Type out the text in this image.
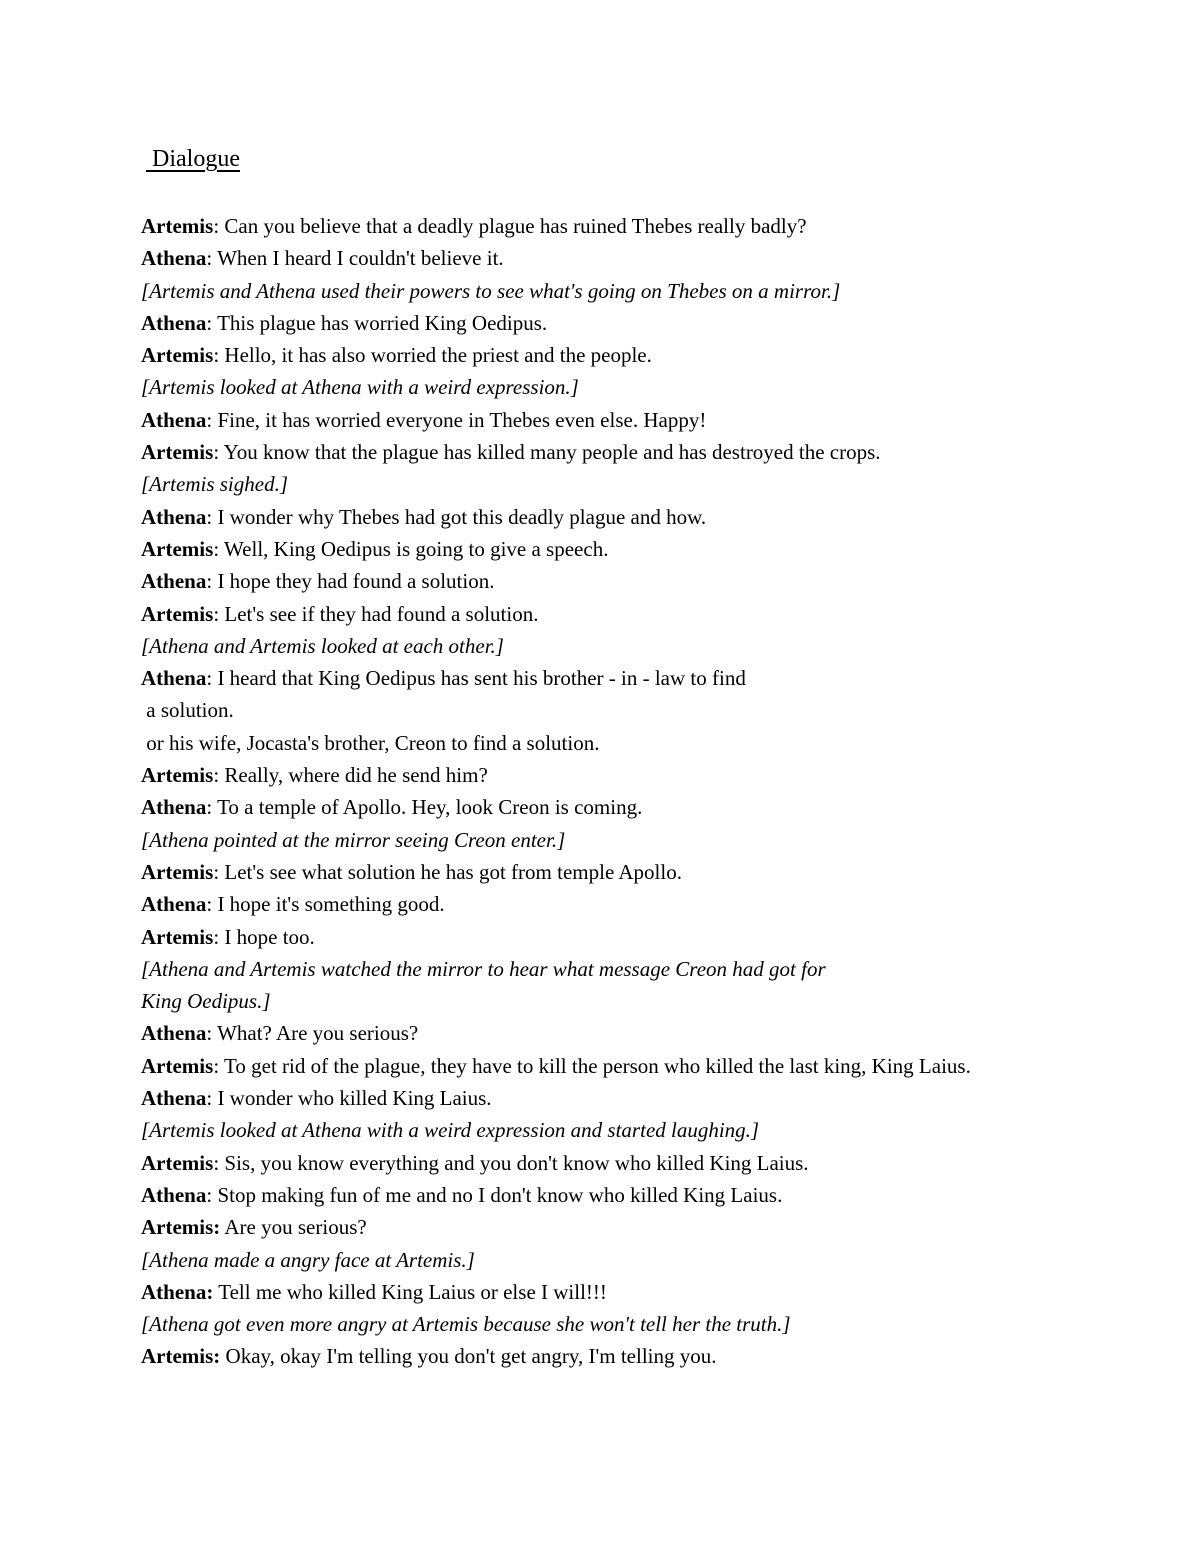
Dialogue
Artemis: Can you believe that a deadly plague has ruined Thebes really badly?
Athena: When I heard I couldn't believe it.
[Artemis and Athena used their powers to see what's going on Thebes on a mirror.]
Athena: This plague has worried King Oedipus.
Artemis: Hello, it has also worried the priest and the people.
[Artemis looked at Athena with a weird expression.]
Athena: Fine, it has worried everyone in Thebes even else. Happy!
Artemis: You know that the plague has killed many people and has destroyed the crops.
[Artemis sighed.]
Athena: I wonder why Thebes had got this deadly plague and how.
Artemis: Well, King Oedipus is going to give a speech.
Athena: I hope they had found a solution.
Artemis: Let's see if they had found a solution.
[Athena and Artemis looked at each other.]
Athena: I heard that King Oedipus has sent his brother - in - law to find
a solution.
or his wife, Jocasta's brother, Creon to find a solution.
Artemis: Really, where did he send him?
Athena: To a temple of Apollo. Hey, look Creon is coming.
[Athena pointed at the mirror seeing Creon enter.]
Artemis: Let's see what solution he has got from temple Apollo.
Athena: I hope it's something good.
Artemis: I hope too.
[Athena and Artemis watched the mirror to hear what message Creon had got for
King Oedipus.]
Athena: What? Are you serious?
Artemis: To get rid of the plague, they have to kill the person who killed the last king, King Laius.
Athena: I wonder who killed King Laius.
[Artemis looked at Athena with a weird expression and started laughing.]
Artemis: Sis, you know everything and you don't know who killed King Laius.
Athena: Stop making fun of me and no I don't know who killed King Laius.
Artemis: Are you serious?
[Athena made a angry face at Artemis.]
Athena: Tell me who killed King Laius or else I will!!!
[Athena got even more angry at Artemis because she won't tell her the truth.]
Artemis: Okay, okay I'm telling you don't get angry, I'm telling you.
